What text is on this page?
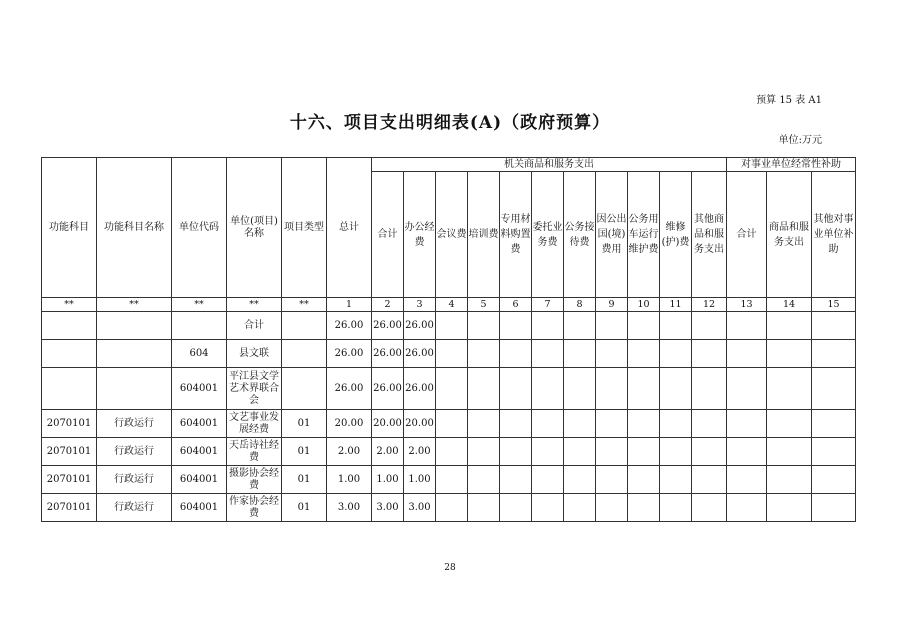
预算 15 表 A1
十六、项目支出明细表(A)（政府预算）
单位:万元
功能科目	功能科目名称	单位代码	单位(项目)名称	项目类型	总计	机关商品和服务支出											对事业单位经常性补助		
						合计	办公经费	会议费	培训费	专用材料购置费	委托业务费	公务接待费	因公出国(境)费用	公务用车运行维护费	维修(护)费	其他商品和服务支出	合计	商品和服务支出	其他对事业单位补助
**	**	**	**	**	1	2	3	4	5	6	7	8	9	10	11	12	13	14	15
			合计		26.00	26.00	26.00												
		604	县文联		26.00	26.00	26.00												
		604001	平江县文学艺术界联合会		26.00	26.00	26.00												
2070101	行政运行	604001	文艺事业发展经费	01	20.00	20.00	20.00												
2070101	行政运行	604001	天岳诗社经费	01	2.00	2.00	2.00												
2070101	行政运行	604001	摄影协会经费	01	1.00	1.00	1.00												
2070101	行政运行	604001	作家协会经费	01	3.00	3.00	3.00												
28
